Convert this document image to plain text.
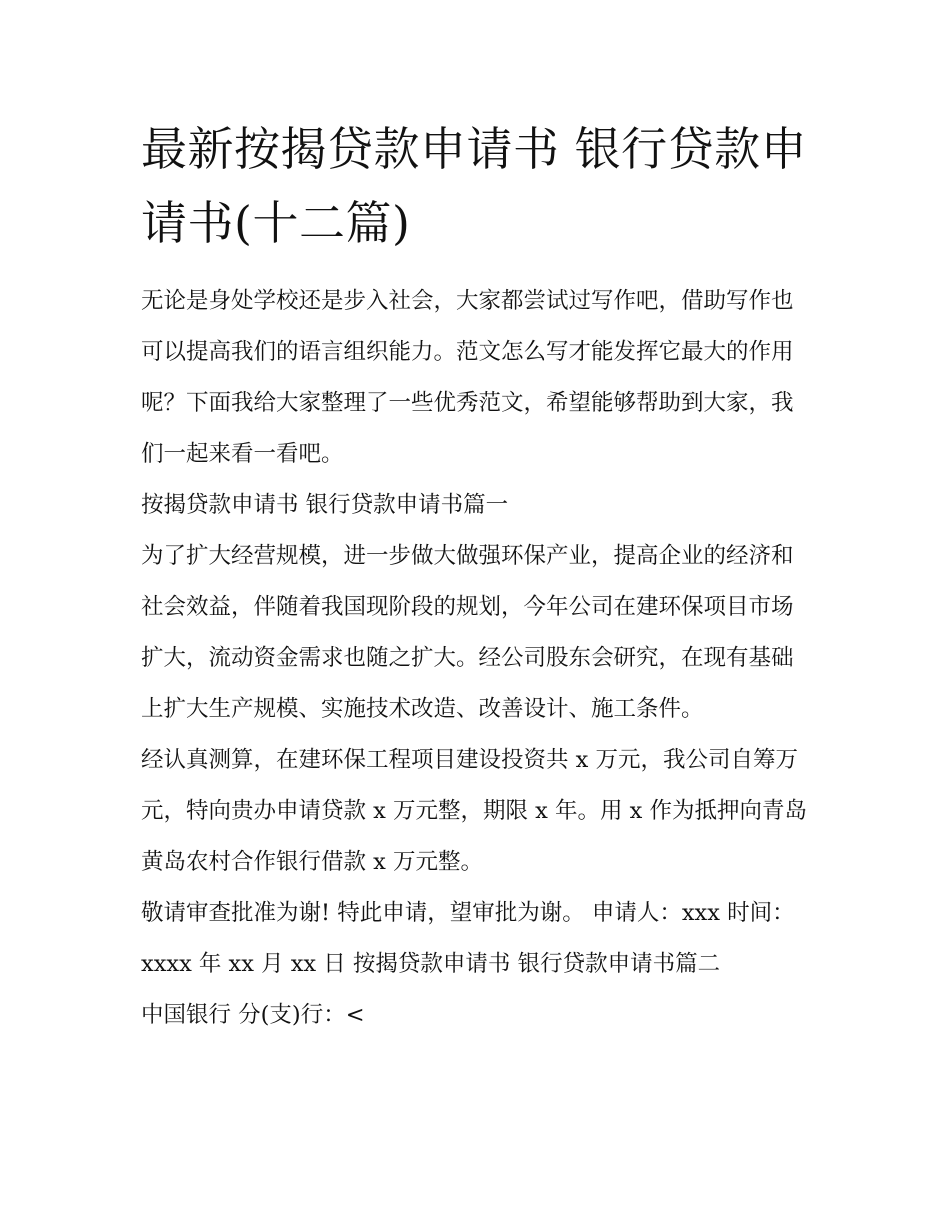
最新按揭贷款申请书 银行贷款申请书(十二篇)

无论是身处学校还是步入社会，大家都尝试过写作吧，借助写作也可以提高我们的语言组织能力。范文怎么写才能发挥它最大的作用呢？下面我给大家整理了一些优秀范文，希望能够帮助到大家，我们一起来看一看吧。

按揭贷款申请书 银行贷款申请书篇一

为了扩大经营规模，进一步做大做强环保产业，提高企业的经济和社会效益，伴随着我国现阶段的规划，今年公司在建环保项目市场扩大，流动资金需求也随之扩大。经公司股东会研究，在现有基础上扩大生产规模、实施技术改造、改善设计、施工条件。

经认真测算，在建环保工程项目建设投资共 x 万元，我公司自筹万元，特向贵办申请贷款 x 万元整，期限 x 年。用 x 作为抵押向青岛黄岛农村合作银行借款 x 万元整。

敬请审查批准为谢! 特此申请，望审批为谢。 申请人：xxx 时间：xxxx 年 xx 月 xx 日 按揭贷款申请书 银行贷款申请书篇二

中国银行 分(支)行：<
